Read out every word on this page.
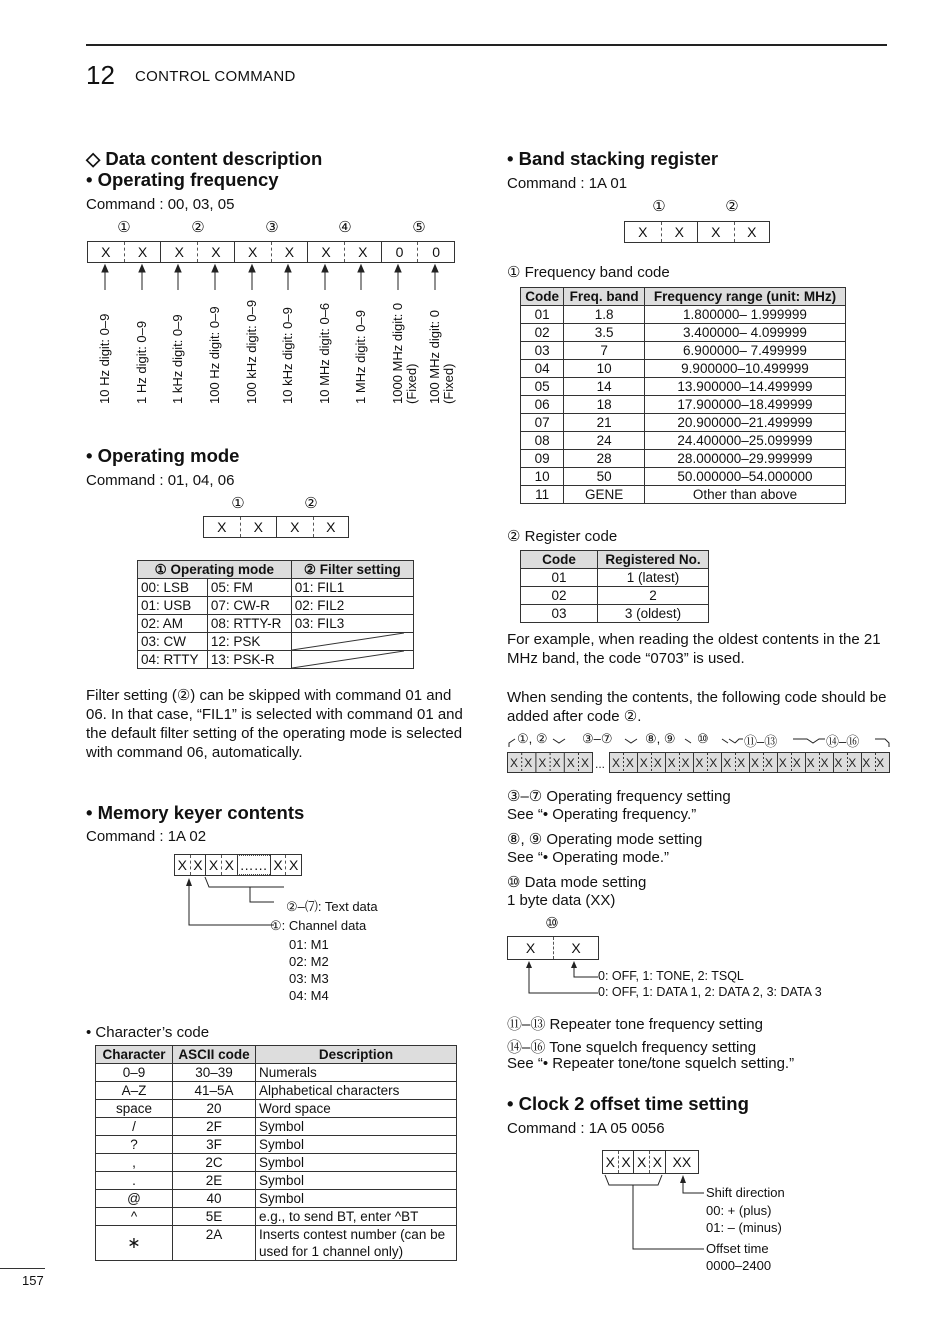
12 CONTROL COMMAND
◇ Data content description
• Operating frequency
Command : 00, 03, 05
①	②	③	④	⑤
X	X	X	X	X	X	X	X	0	0
10 Hz digit: 0–9 1 Hz digit: 0–9 1 kHz digit: 0–9 100 Hz digit: 0–9 100 kHz digit: 0–9 10 kHz digit: 0–9 10 MHz digit: 0–6 1 MHz digit: 0–9 1000 MHz digit: 0 (Fixed) 100 MHz digit: 0 (Fixed)
• Operating mode
Command : 01, 04, 06
①	②
X	X	X	X
① Operating mode		② Filter setting
00: LSB	05: FM	01: FIL1
01: USB	07: CW-R	02: FIL2
02: AM	08: RTTY-R	03: FIL3
03: CW	12: PSK	

04: RTTY	13: PSK-R	
Filter setting (②) can be skipped with command 01 and 06. In that case, “FIL1” is selected with command 01 and the default filter setting of the operating mode is selected with command 06, automatically.
• Memory keyer contents
Command : 1A 02
X X X X …… X X
②–⑺: Text data
①: Channel data
01: M1
02: M2
03: M3
04: M4
• Character’s code
Character	ASCII code	Description
0–9	30–39	Numerals
A–Z	41–5A	Alphabetical characters
space	20	Word space
/	2F	Symbol
?	3F	Symbol
,	2C	Symbol
.	2E	Symbol
@	40	Symbol
^	5E	e.g., to send BT, enter ^BT
∗	2A	Inserts contest number (can be used for 1 channel only)
157
• Band stacking register
Command : 1A 01
①	②
X	X	X	X
① Frequency band code
Code	Freq. band	Frequency range (unit: MHz)
01	1.8	1.800000– 1.999999
02	3.5	3.400000– 4.099999
03	7	6.900000– 7.499999
04	10	9.900000–10.499999
05	14	13.900000–14.499999
06	18	17.900000–18.499999
07	21	20.900000–21.499999
08	24	24.400000–25.099999
09	28	28.000000–29.999999
10	50	50.000000–54.000000
11	GENE	Other than above
② Register code
Code	Registered No.
01	1 (latest)
02	2
03	3 (oldest)
For example, when reading the oldest contents in the 21 MHz band, the code “0703” is used.
When sending the contents, the following code should be added after code ②.
①, ②	③–⑦ ⑧, ⑨ ⑩	⑪–⑬	⑭–⑯
...
X X X X X X X X X X X X X X X X X X X X X X X X X X
③–⑦ Operating frequency setting
See “• Operating frequency.”
⑧, ⑨ Operating mode setting
See “• Operating mode.”
⑩ Data mode setting
1 byte data (XX)
⑩
X	X
0: OFF, 1: TONE, 2: TSQL
0: OFF, 1: DATA 1, 2: DATA 2, 3: DATA 3
⑪–⑬ Repeater tone frequency setting
⑭–⑯ Tone squelch frequency setting
See “• Repeater tone/tone squelch setting.”
• Clock 2 offset time setting
Command : 1A 05 0056
X X X X XX
Shift direction
00: + (plus)
01: – (minus)
Offset time
0000–2400
